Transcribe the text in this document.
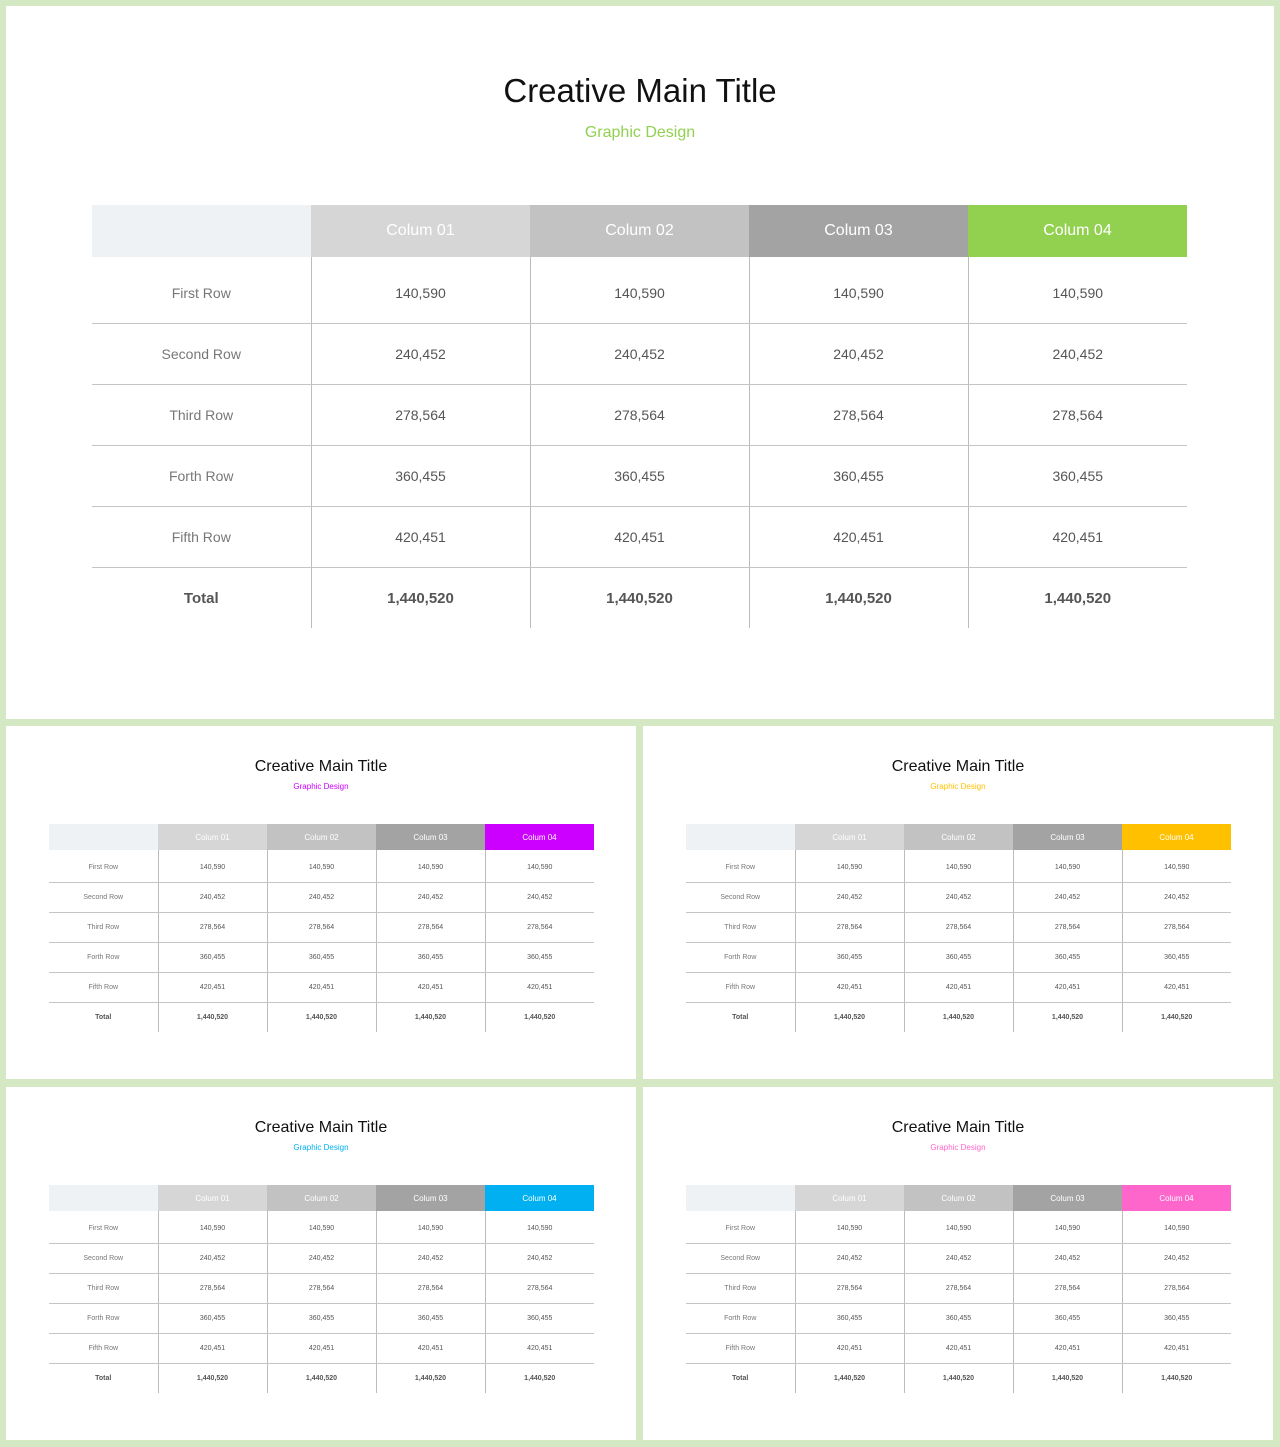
Creative Main Title
Graphic Design
	Colum 01	Colum 02	Colum 03	Colum 04

First Row	140,590	140,590	140,590	140,590
Second Row	240,452	240,452	240,452	240,452
Third Row	278,564	278,564	278,564	278,564
Forth Row	360,455	360,455	360,455	360,455
Fifth Row	420,451	420,451	420,451	420,451
Total	1,440,520	1,440,520	1,440,520	1,440,520
Creative Main Title
Graphic Design
	Colum 01	Colum 02	Colum 03	Colum 04

First Row	140,590	140,590	140,590	140,590
Second Row	240,452	240,452	240,452	240,452
Third Row	278,564	278,564	278,564	278,564
Forth Row	360,455	360,455	360,455	360,455
Fifth Row	420,451	420,451	420,451	420,451
Total	1,440,520	1,440,520	1,440,520	1,440,520
Creative Main Title
Graphic Design
	Colum 01	Colum 02	Colum 03	Colum 04

First Row	140,590	140,590	140,590	140,590
Second Row	240,452	240,452	240,452	240,452
Third Row	278,564	278,564	278,564	278,564
Forth Row	360,455	360,455	360,455	360,455
Fifth Row	420,451	420,451	420,451	420,451
Total	1,440,520	1,440,520	1,440,520	1,440,520
Creative Main Title
Graphic Design
	Colum 01	Colum 02	Colum 03	Colum 04

First Row	140,590	140,590	140,590	140,590
Second Row	240,452	240,452	240,452	240,452
Third Row	278,564	278,564	278,564	278,564
Forth Row	360,455	360,455	360,455	360,455
Fifth Row	420,451	420,451	420,451	420,451
Total	1,440,520	1,440,520	1,440,520	1,440,520
Creative Main Title
Graphic Design
	Colum 01	Colum 02	Colum 03	Colum 04

First Row	140,590	140,590	140,590	140,590
Second Row	240,452	240,452	240,452	240,452
Third Row	278,564	278,564	278,564	278,564
Forth Row	360,455	360,455	360,455	360,455
Fifth Row	420,451	420,451	420,451	420,451
Total	1,440,520	1,440,520	1,440,520	1,440,520
